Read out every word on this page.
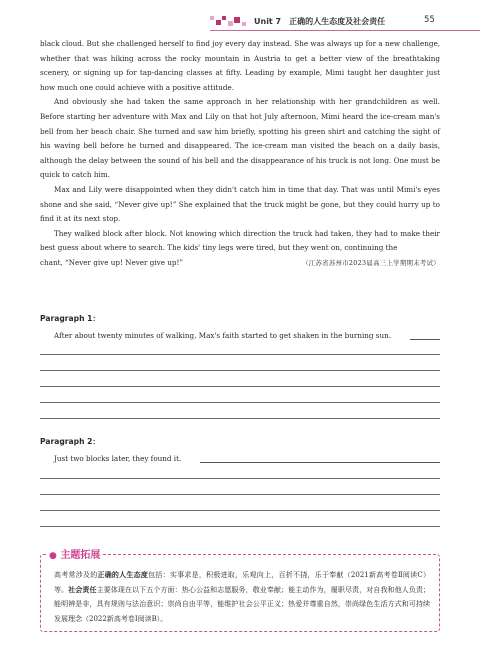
Unit 7　正确的人生态度及社会责任	55

black cloud. But she challenged herself to find joy every day instead. She was always up for a new challenge, whether that was hiking across the rocky mountain in Austria to get a better view of the breathtaking scenery, or signing up for tap-dancing classes at fifty. Leading by example, Mimi taught her daughter just how much one could achieve with a positive attitude.

And obviously she had taken the same approach in her relationship with her grandchildren as well. Before starting her adventure with Max and Lily on that hot July afternoon, Mimi heard the ice-cream man's bell from her beach chair. She turned and saw him briefly, spotting his green shirt and catching the sight of his waving bell before he turned and disappeared. The ice-cream man visited the beach on a daily basis, although the delay between the sound of his bell and the disappearance of his truck is not long. One must be quick to catch him.

Max and Lily were disappointed when they didn't catch him in time that day. That was until Mimi's eyes shone and she said, “Never give up!” She explained that the truck might be gone, but they could hurry up to find it at its next stop.

They walked block after block. Not knowing which direction the truck had taken, they had to make their best guess about where to search. The kids' tiny legs were tired, but they went on, continuing the

chant, “Never give up! Never give up!”	（江苏省苏州市2023届高三上学期期末考试）

Paragraph 1：
After about twenty minutes of walking, Max's faith started to get shaken in the burning sun.
Paragraph 2：
Just two blocks later, they found it.
● 主题拓展
高考常涉及的正确的人生态度包括：实事求是，积极进取，乐观向上，百折不挠，乐于奉献（2021新高考卷Ⅱ阅读C）等。社会责任主要体现在以下五个方面：热心公益和志愿服务，敬业奉献；能主动作为，履职尽责，对自我和他人负责；能明辨是非，具有规则与法治意识；崇尚自由平等，能维护社会公平正义；热爱并尊重自然，崇尚绿色生活方式和可持续发展理念（2022新高考卷Ⅰ阅读B）。
